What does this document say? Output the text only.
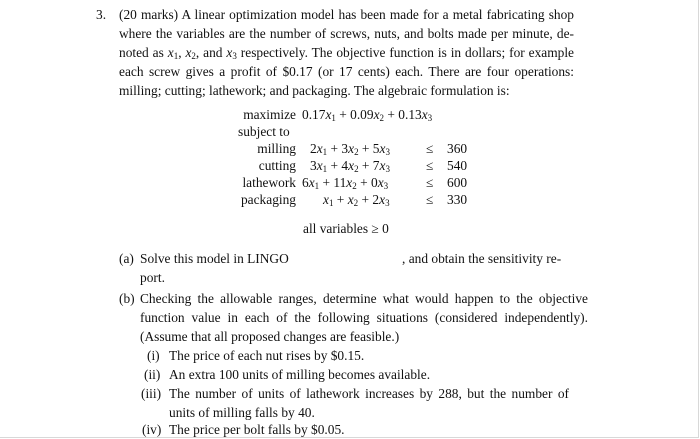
3. (20 marks) A linear optimization model has been made for a metal fabricating shop
where the variables are the number of screws, nuts, and bolts made per minute, de-
noted as $x_1$, $x_2$, and $x_3$ respectively. The objective function is in dollars; for example
each screw gives a profit of $0.17 (or 17 cents) each. There are four operations:
milling; cutting; lathework; and packaging. The algebraic formulation is:
maximize $0.17x_1 + 0.09x_2 + 0.13x_3$
subject to
milling $2x_1 + 3x_2 + 5x_3$	≤ 360
cutting $3x_1 + 4x_2 + 7x_3$	≤ 540
lathework $6x_1 + 11x_2 + 0x_3$	≤ 600
packaging $x_1 + x_2 + 2x_3$	≤ 330
all variables ≥ 0
(a) Solve this model in LINGO	, and obtain the sensitivity re-
port.
(b) Checking the allowable ranges, determine what would happen to the objective
function value in each of the following situations (considered independently).
(Assume that all proposed changes are feasible.)
(i) The price of each nut rises by $0.15.
(ii) An extra 100 units of milling becomes available.
(iii) The number of units of lathework increases by 288, but the number of
units of milling falls by 40.
(iv) The price per bolt falls by $0.05.
